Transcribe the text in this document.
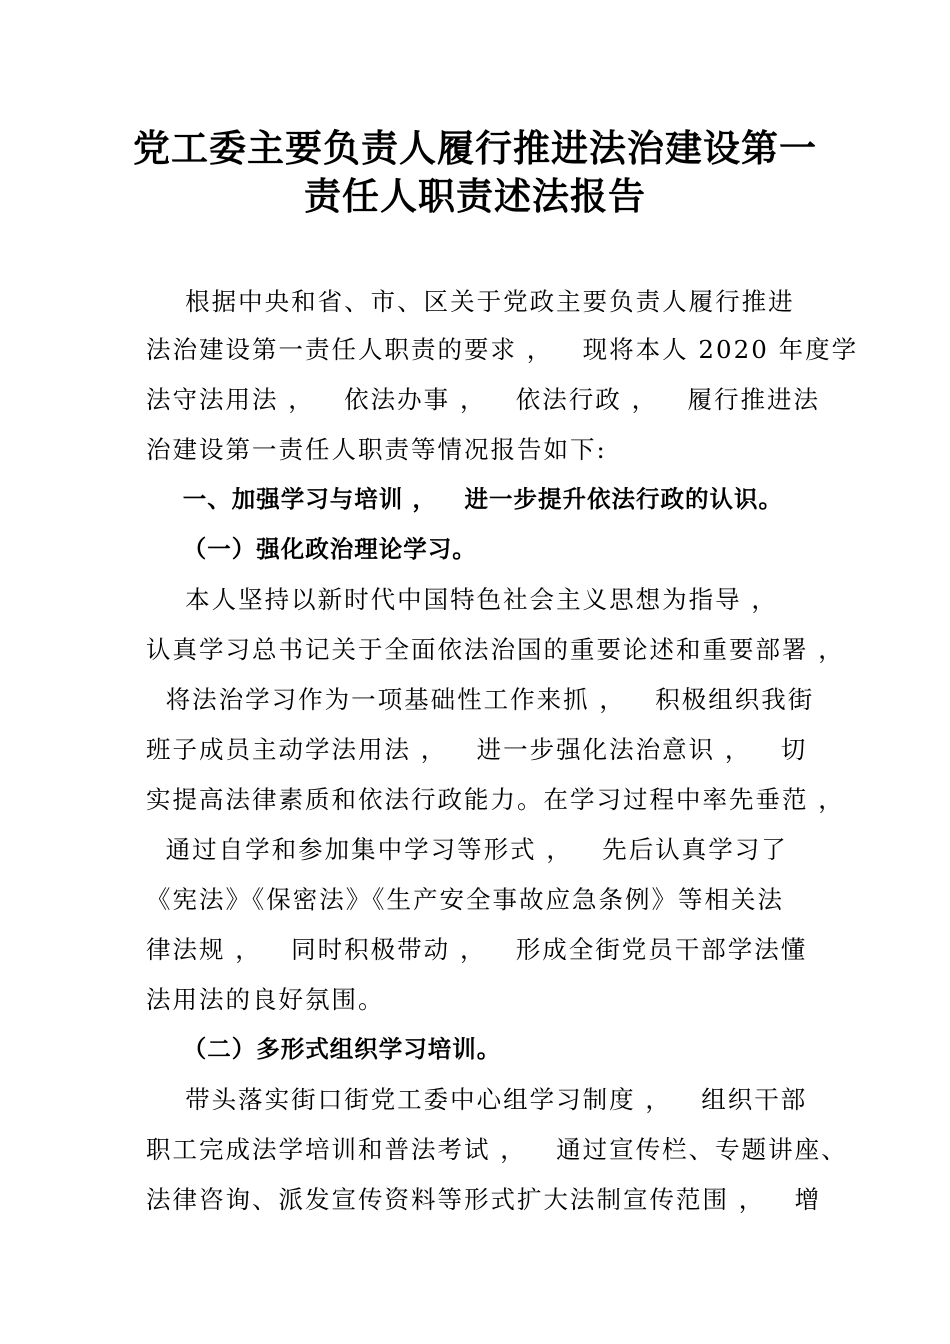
党工委主要负责人履行推进法治建设第一
责任人职责述法报告
根据中央和省、市、区关于党政主要负责人履行推进
法治建设第一责任人职责的要求 ，   现将本人 2020 年度学
法守法用法 ，   依法办事 ，   依法行政 ，   履行推进法
治建设第一责任人职责等情况报告如下:
一、加强学习与培训 ，   进一步提升依法行政的认识。
（一）强化政治理论学习。
本人坚持以新时代中国特色社会主义思想为指导 ，
认真学习总书记关于全面依法治国的重要论述和重要部署 ，
将法治学习作为一项基础性工作来抓 ，   积极组织我街
班子成员主动学法用法 ，   进一步强化法治意识 ，   切
实提高法律素质和依法行政能力。在学习过程中率先垂范 ，
通过自学和参加集中学习等形式 ，   先后认真学习了
《宪法》《保密法》《生产安全事故应急条例》等相关法
律法规 ，   同时积极带动 ，   形成全街党员干部学法懂
法用法的良好氛围。
（二）多形式组织学习培训。
带头落实街口街党工委中心组学习制度 ，   组织干部
职工完成法学培训和普法考试 ，   通过宣传栏、专题讲座、
法律咨询、派发宣传资料等形式扩大法制宣传范围 ，   增
